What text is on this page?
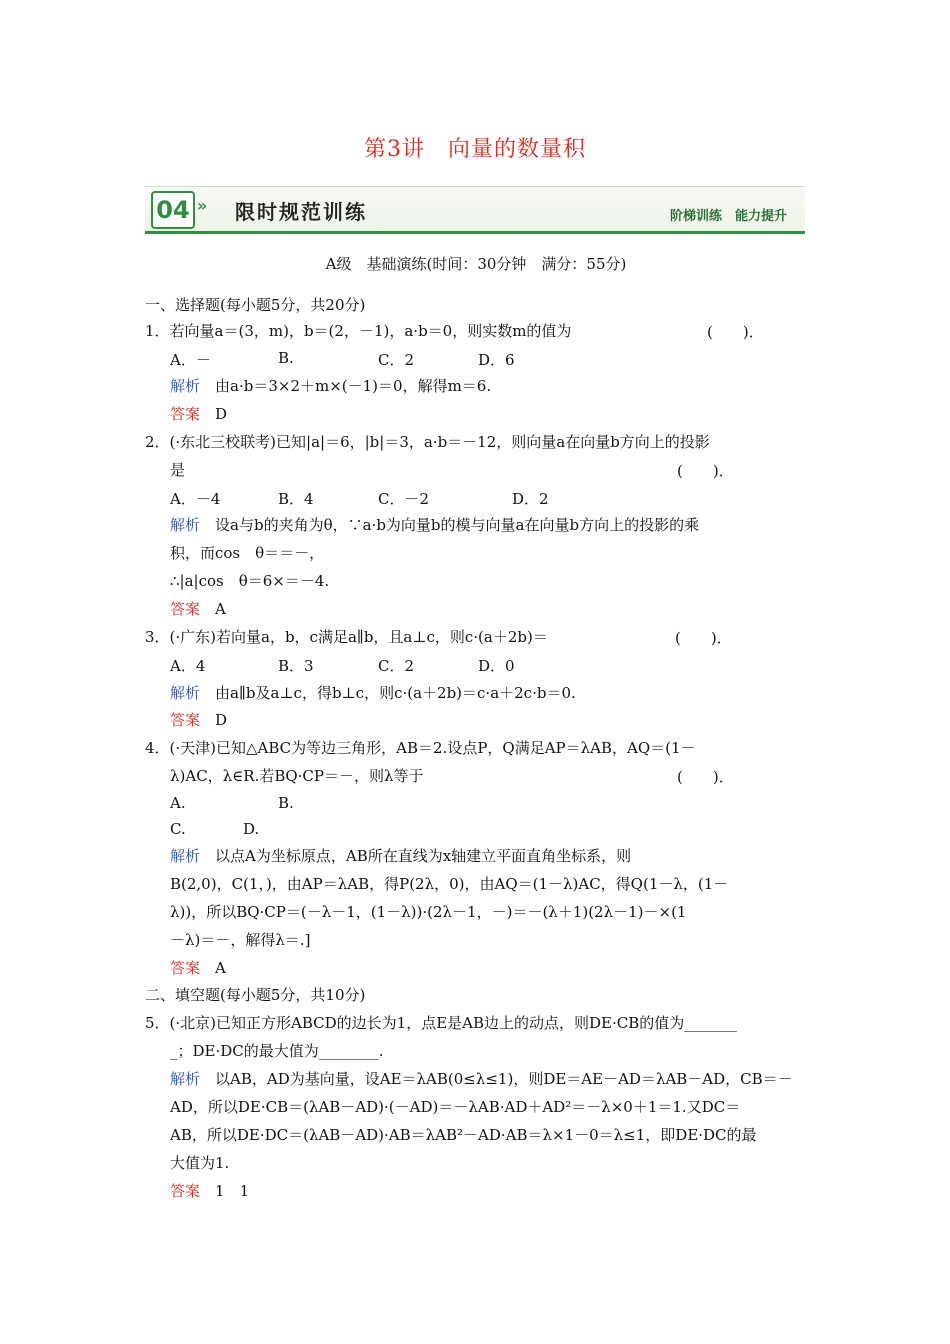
第3讲　向量的数量积
04 » 限时规范训练	阶梯训练　能力提升
A级　基础演练(时间：30分钟　满分：55分)
一、选择题(每小题5分，共20分)
1．若向量a＝(3，m)，b＝(2，－1)，a·b＝0，则实数m的值为	(　　)．
A．－	B.	C．2	D．6
解析　 由a·b＝3×2＋m×(－1)＝0，解得m＝6.
答案　 D
2．(·东北三校联考)已知|a|＝6，|b|＝3，a·b＝－12，则向量a在向量b方向上的投影
是	(　　)．
A．－4	B．4	C．－2	D．2
解析　 设a与b的夹角为θ，∵a·b为向量b的模与向量a在向量b方向上的投影的乘
积，而cos　θ＝＝－，
∴|a|cos　θ＝6×＝－4.
答案　 A
3．(·广东)若向量a，b，c满足a∥b，且a⊥c，则c·(a＋2b)＝	(　　)．
A．4	B．3	C．2	D．0
解析　 由a∥b及a⊥c，得b⊥c，则c·(a＋2b)＝c·a＋2c·b＝0.
答案　 D
4．(·天津)已知△ABC为等边三角形，AB＝2.设点P，Q满足AP＝λAB，AQ＝(1－
λ)AC，λ∈R.若BQ·CP＝－，则λ等于	(　　)．
A.	B.
C.	D.
解析　 以点A为坐标原点，AB所在直线为x轴建立平面直角坐标系，则
B(2,0)，C(1，)，由AP＝λAB，得P(2λ，0)，由AQ＝(1－λ)AC，得Q(1－λ，(1－
λ))，所以BQ·CP＝(－λ－1，(1－λ))·(2λ－1，－)＝－(λ＋1)(2λ－1)－×(1
－λ)＝－，解得λ＝.]
答案　 A
二、填空题(每小题5分，共10分)
5．(·北京)已知正方形ABCD的边长为1，点E是AB边上的动点，则DE·CB的值为_______
_；DE·DC的最大值为________.
解析　 以AB，AD为基向量，设AE＝λAB(0≤λ≤1)，则DE＝AE－AD＝λAB－AD，CB＝－
AD，所以DE·CB＝(λAB－AD)·(－AD)＝－λAB·AD＋AD²＝－λ×0＋1＝1.又DC＝
AB，所以DE·DC＝(λAB－AD)·AB＝λAB²－AD·AB＝λ×1－0＝λ≤1，即DE·DC的最
大值为1.
答案　 1　1
